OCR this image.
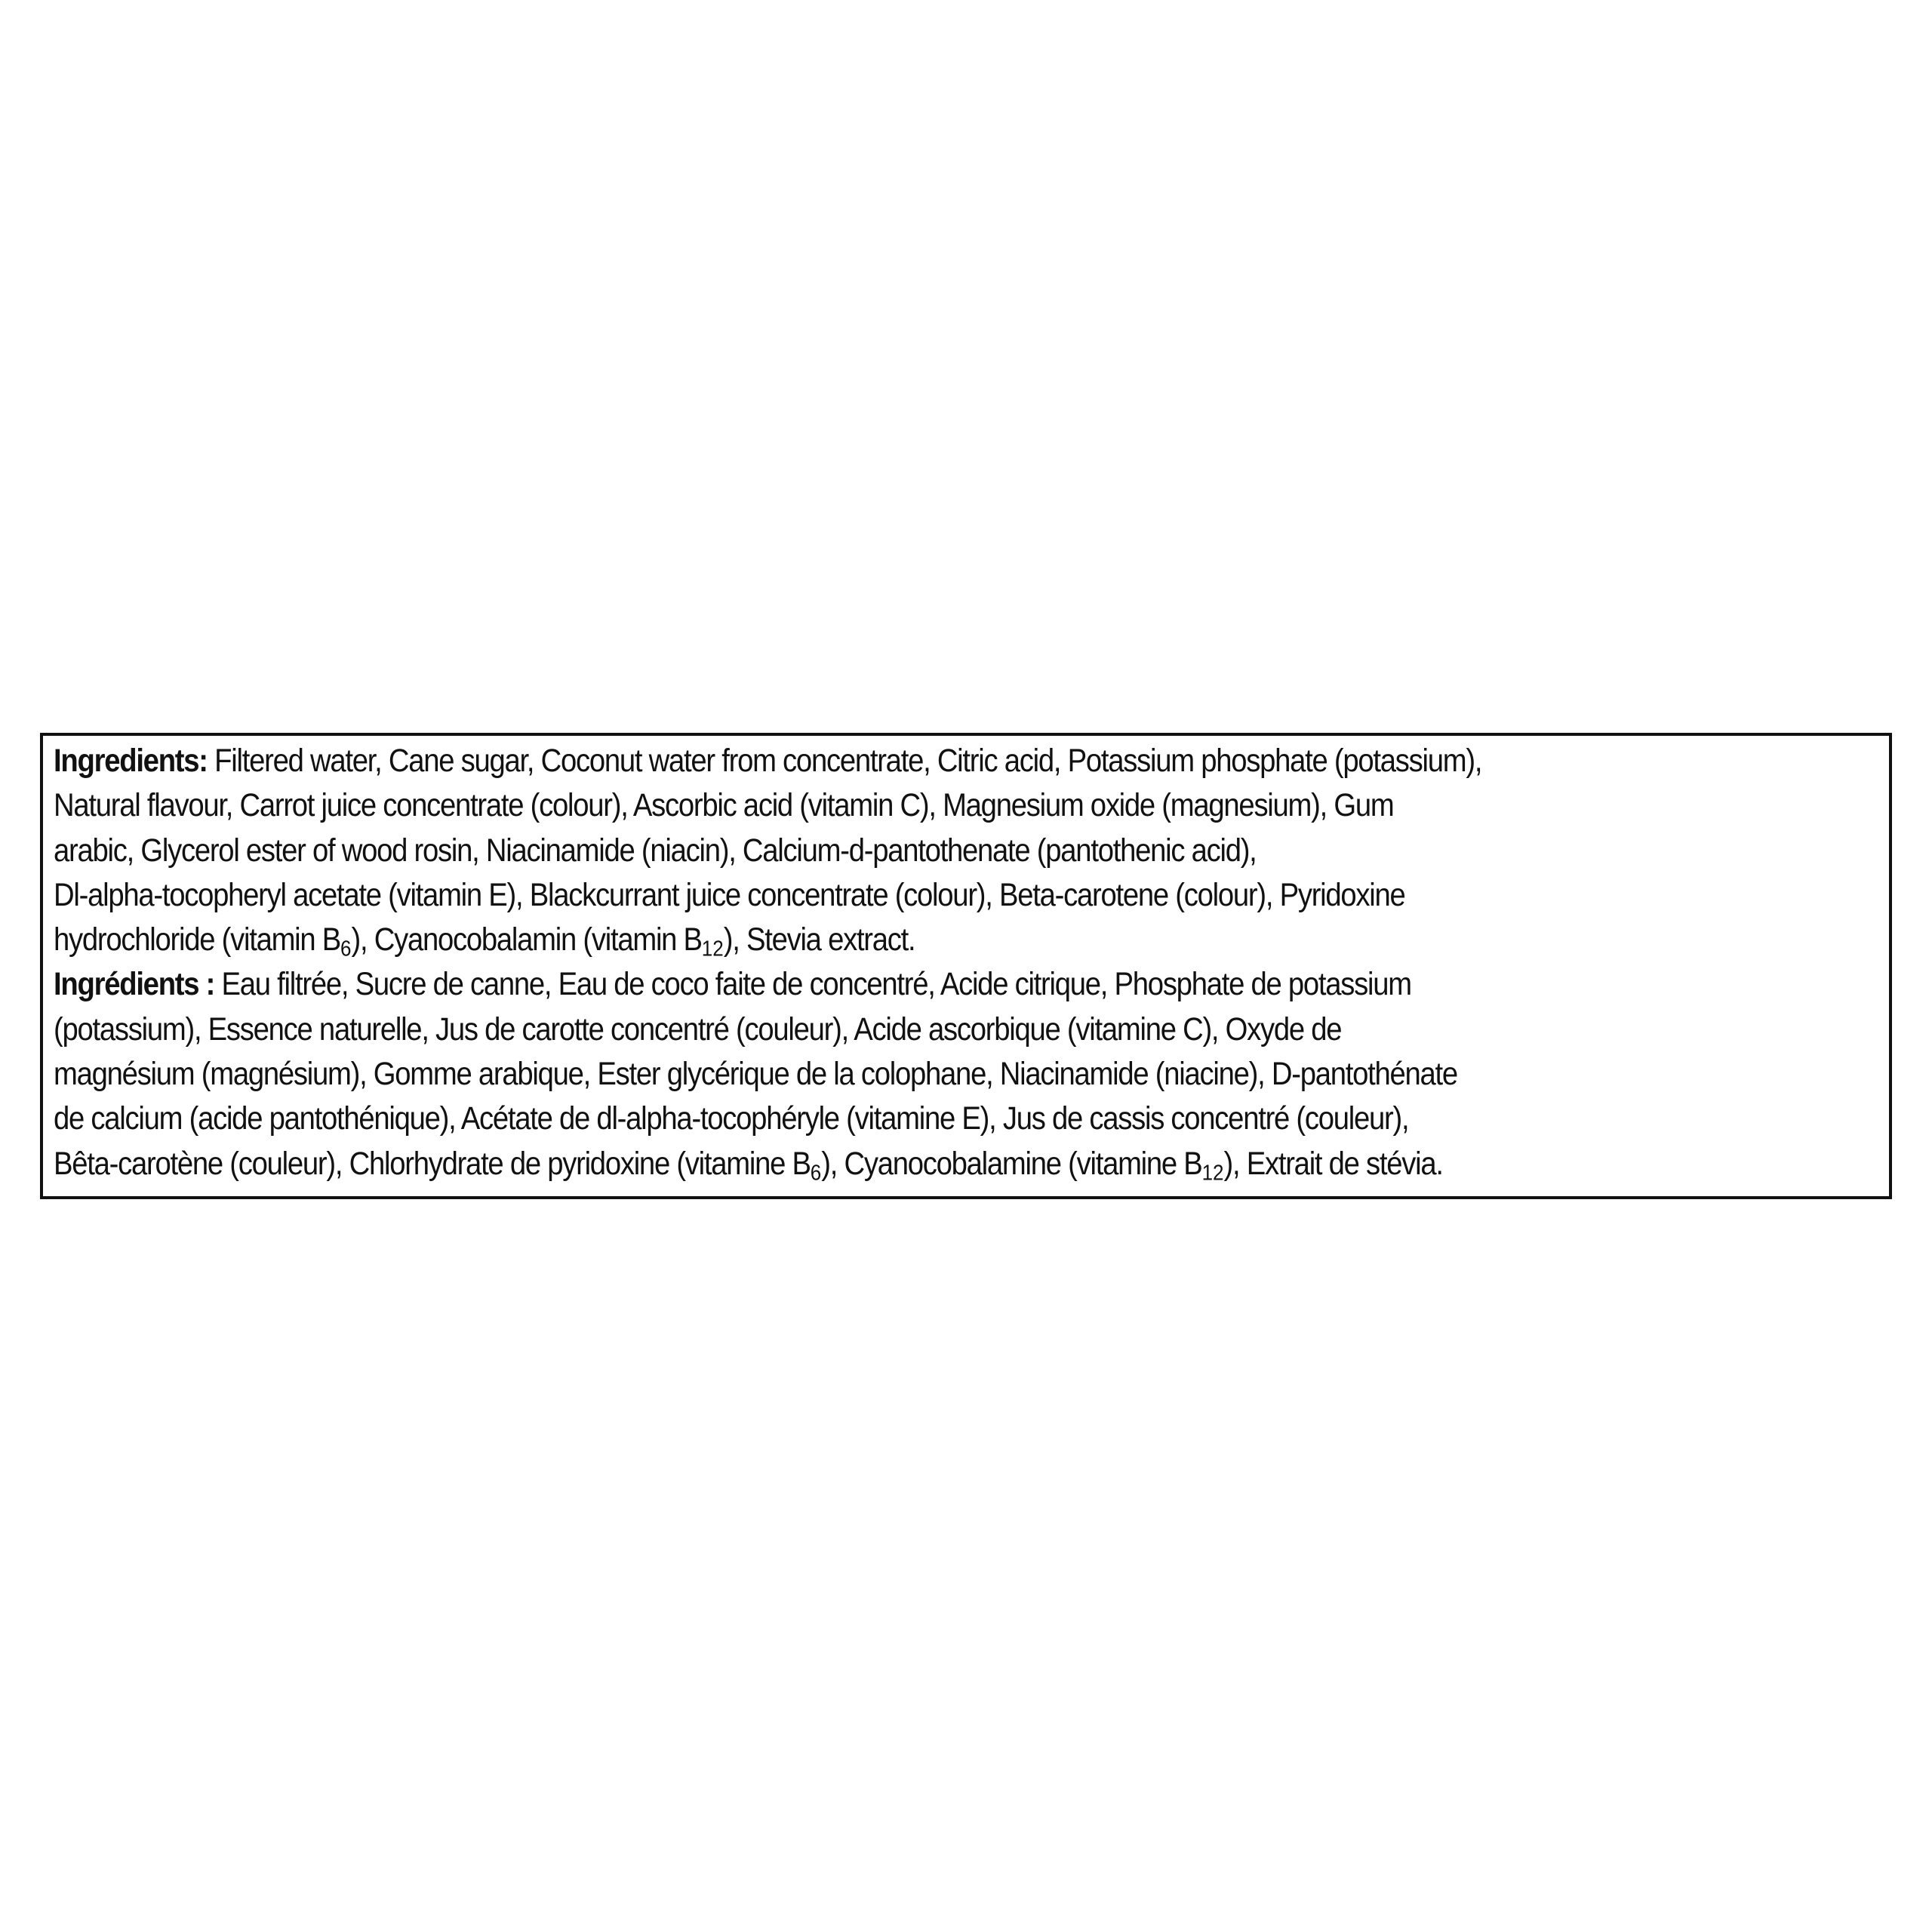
Ingredients: Filtered water, Cane sugar, Coconut water from concentrate, Citric acid, Potassium phosphate (potassium),
Natural flavour, Carrot juice concentrate (colour), Ascorbic acid (vitamin C), Magnesium oxide (magnesium), Gum
arabic, Glycerol ester of wood rosin, Niacinamide (niacin), Calcium-d-pantothenate (pantothenic acid),
Dl-alpha-tocopheryl acetate (vitamin E), Blackcurrant juice concentrate (colour), Beta-carotene (colour), Pyridoxine
hydrochloride (vitamin $B_6$), Cyanocobalamin (vitamin $B_{12}$), Stevia extract.
Ingrédients : Eau filtrée, Sucre de canne, Eau de coco faite de concentré, Acide citrique, Phosphate de potassium
(potassium), Essence naturelle, Jus de carotte concentré (couleur), Acide ascorbique (vitamine C), Oxyde de
magnésium (magnésium), Gomme arabique, Ester glycérique de la colophane, Niacinamide (niacine), D-pantothénate
de calcium (acide pantothénique), Acétate de dl-alpha-tocophéryle (vitamine E), Jus de cassis concentré (couleur),
Bêta-carotène (couleur), Chlorhydrate de pyridoxine (vitamine $B_6$), Cyanocobalamine (vitamine $B_{12}$), Extrait de stévia.
